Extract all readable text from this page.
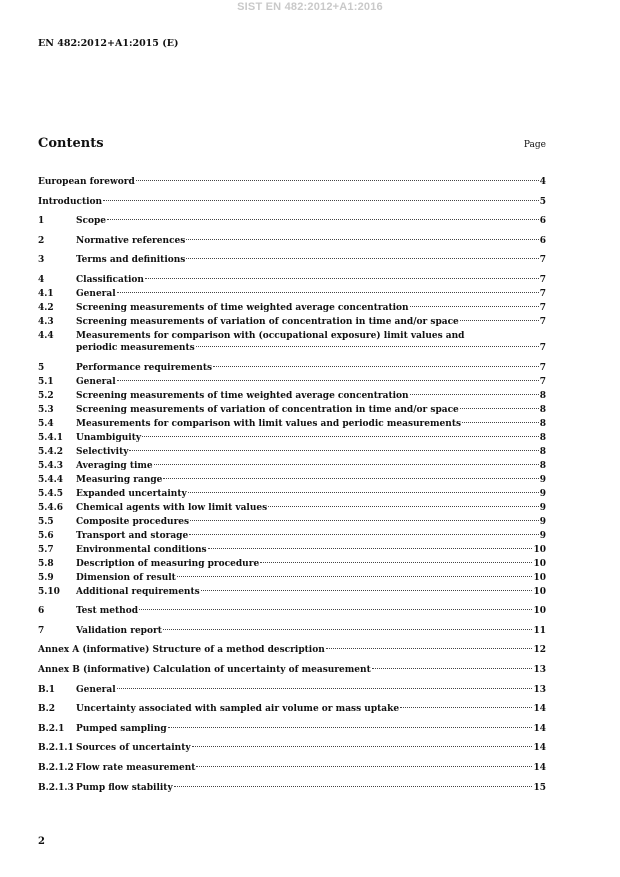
SIST EN 482:2012+A1:2016
EN 482:2012+A1:2015 (E)
Contents	Page
European foreword	4
Introduction	5
1	Scope	6
2	Normative references	6
3	Terms and definitions	7
4	Classification	7
4.1	General	7
4.2	Screening measurements of time weighted average concentration	7
4.3	Screening measurements of variation of concentration in time and/or space	7
4.4	Measurements for comparison with (occupational exposure) limit values and
periodic measurements	7
5	Performance requirements	7
5.1	General	7
5.2	Screening measurements of time weighted average concentration	8
5.3	Screening measurements of variation of concentration in time and/or space	8
5.4	Measurements for comparison with limit values and periodic measurements	8
5.4.1	Unambiguity	8
5.4.2	Selectivity	8
5.4.3	Averaging time	8
5.4.4	Measuring range	9
5.4.5	Expanded uncertainty	9
5.4.6	Chemical agents with low limit values	9
5.5	Composite procedures	9
5.6	Transport and storage	9
5.7	Environmental conditions	10
5.8	Description of measuring procedure	10
5.9	Dimension of result	10
5.10	Additional requirements	10
6	Test method	10
7	Validation report	11
Annex A (informative) Structure of a method description	12
Annex B (informative) Calculation of uncertainty of measurement	13
B.1	General	13
B.2	Uncertainty associated with sampled air volume or mass uptake	14
B.2.1	Pumped sampling	14
B.2.1.1 Sources of uncertainty	14
B.2.1.2 Flow rate measurement	14
B.2.1.3 Pump flow stability	15
2
